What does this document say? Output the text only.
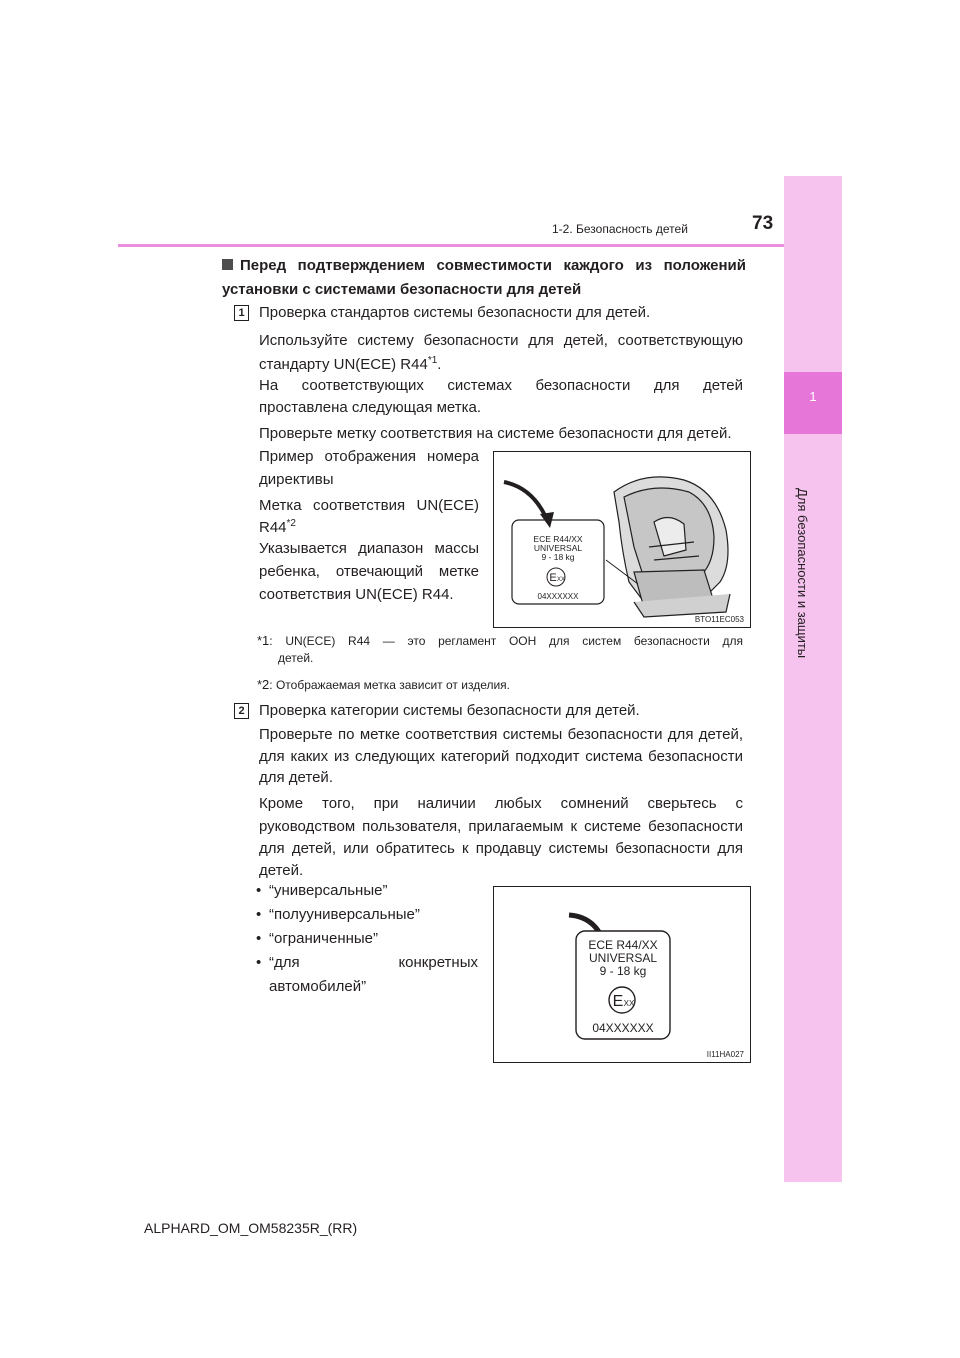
1
Для безопасности и защиты
1-2. Безопасность детей	73
Перед подтверждением совместимости каждого из положений установки с системами безопасности для детей
1 Проверка стандартов системы безопасности для детей.
Используйте систему безопасности для детей, соответствующую
стандарту UN(ECE) R44$^{*1}$.
На соответствующих системах безопасности для детей
проставлена следующая метка.
Проверьте метку соответствия на системе безопасности для детей.
Пример отображения номера
директивы
Метка соответствия UN(ECE)
R44$^{*2}$
Указывается диапазон массы
ребенка, отвечающий метке
соответствия UN(ECE) R44.
ECE R44/XX
UNIVERSAL
9 - 18 kg
E XX
04XXXXXX
BTO11EC053
*1: UN(ECE) R44 — это регламент ООН для систем безопасности для
детей.
*2: Отображаемая метка зависит от изделия.
2 Проверка категории системы безопасности для детей.
Проверьте по метке соответствия системы безопасности для детей,
для каких из следующих категорий подходит система безопасности
для детей.
Кроме того, при наличии любых сомнений сверьтесь с
руководством пользователя, прилагаемым к системе безопасности
для детей, или обратитесь к продавцу системы безопасности для
детей.
• “универсальные”
• “полууниверсальные”
• “ограниченные”
• “для конкретных автомобилей”
ECE R44/XX
UNIVERSAL
9 - 18 kg
E XX
04XXXXXX
II11HA027
ALPHARD_OM_OM58235R_(RR)
